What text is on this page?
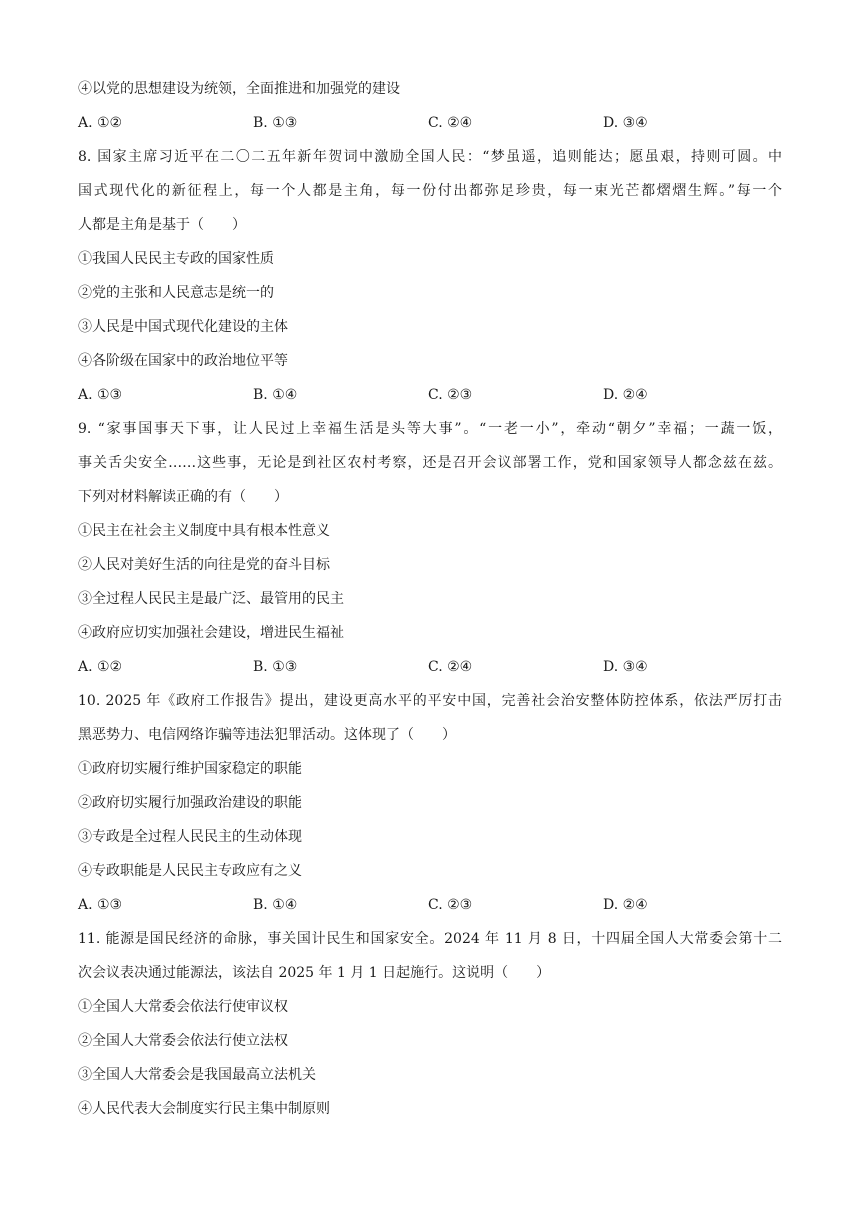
④以党的思想建设为统领，全面推进和加强党的建设
A. ①②	B. ①③	C. ②④	D. ③④
8. 国家主席习近平在二〇二五年新年贺词中激励全国人民：“梦虽遥，追则能达；愿虽艰，持则可圆。中
国式现代化的新征程上，每一个人都是主角，每一份付出都弥足珍贵，每一束光芒都熠熠生辉。”每一个
人都是主角是基于（　　）
①我国人民民主专政的国家性质
②党的主张和人民意志是统一的
③人民是中国式现代化建设的主体
④各阶级在国家中的政治地位平等
A. ①③	B. ①④	C. ②③	D. ②④
9. “家事国事天下事，让人民过上幸福生活是头等大事”。“一老一小”，牵动“朝夕”幸福；一蔬一饭，
事关舌尖安全……这些事，无论是到社区农村考察，还是召开会议部署工作，党和国家领导人都念兹在兹。
下列对材料解读正确的有（　　）
①民主在社会主义制度中具有根本性意义
②人民对美好生活的向往是党的奋斗目标
③全过程人民民主是最广泛、最管用的民主
④政府应切实加强社会建设，增进民生福祉
A. ①②	B. ①③	C. ②④	D. ③④
10. 2025 年《政府工作报告》提出，建设更高水平的平安中国，完善社会治安整体防控体系，依法严厉打击
黑恶势力、电信网络诈骗等违法犯罪活动。这体现了（　　）
①政府切实履行维护国家稳定的职能
②政府切实履行加强政治建设的职能
③专政是全过程人民民主的生动体现
④专政职能是人民民主专政应有之义
A. ①③	B. ①④	C. ②③	D. ②④
11. 能源是国民经济的命脉，事关国计民生和国家安全。2024 年 11 月 8 日，十四届全国人大常委会第十二
次会议表决通过能源法，该法自 2025 年 1 月 1 日起施行。这说明（　　）
①全国人大常委会依法行使审议权
②全国人大常委会依法行使立法权
③全国人大常委会是我国最高立法机关
④人民代表大会制度实行民主集中制原则
